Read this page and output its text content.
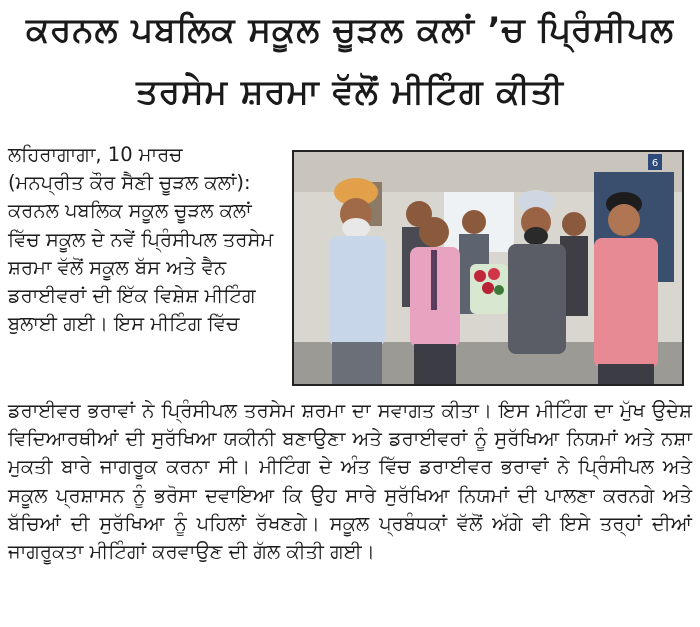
ਕਰਨਲ ਪਬਲਿਕ ਸਕੂਲ ਚੂੜਲ ਕਲਾਂ ’ਚ ਪ੍ਰਿੰਸੀਪਲ
ਤਰਸੇਮ ਸ਼ਰਮਾ ਵੱਲੋਂ ਮੀਟਿੰਗ ਕੀਤੀ
ਲਹਿਰਾਗਾਗਾ, 10 ਮਾਰਚ
(ਮਨਪ੍ਰੀਤ ਕੌਰ ਸੈਣੀ ਚੂੜਲ ਕਲਾਂ):
ਕਰਨਲ ਪਬਲਿਕ ਸਕੂਲ ਚੂੜਲ ਕਲਾਂ ਵਿੱਚ ਸਕੂਲ ਦੇ ਨਵੇਂ ਪ੍ਰਿੰਸੀਪਲ ਤਰਸੇਮ ਸ਼ਰਮਾ ਵੱਲੋਂ ਸਕੂਲ ਬੱਸ ਅਤੇ ਵੈਨ ਡਰਾਈਵਰਾਂ ਦੀ ਇੱਕ ਵਿਸ਼ੇਸ਼ ਮੀਟਿੰਗ ਬੁਲਾਈ ਗਈ। ਇਸ ਮੀਟਿੰਗ ਵਿੱਚ
6
ਡਰਾਈਵਰ ਭਰਾਵਾਂ ਨੇ ਪ੍ਰਿੰਸੀਪਲ ਤਰਸੇਮ ਸ਼ਰਮਾ ਦਾ ਸਵਾਗਤ ਕੀਤਾ। ਇਸ ਮੀਟਿੰਗ ਦਾ ਮੁੱਖ ਉਦੇਸ਼ ਵਿਦਿਆਰਥੀਆਂ ਦੀ ਸੁਰੱਖਿਆ ਯਕੀਨੀ ਬਣਾਉਣਾ ਅਤੇ ਡਰਾਈਵਰਾਂ ਨੂੰ ਸੁਰੱਖਿਆ ਨਿਯਮਾਂ ਅਤੇ ਨਸ਼ਾ ਮੁਕਤੀ ਬਾਰੇ ਜਾਗਰੂਕ ਕਰਨਾ ਸੀ। ਮੀਟਿੰਗ ਦੇ ਅੰਤ ਵਿੱਚ ਡਰਾਈਵਰ ਭਰਾਵਾਂ ਨੇ ਪ੍ਰਿੰਸੀਪਲ ਅਤੇ ਸਕੂਲ ਪ੍ਰਸ਼ਾਸਨ ਨੂੰ ਭਰੋਸਾ ਦਵਾਇਆ ਕਿ ਉਹ ਸਾਰੇ ਸੁਰੱਖਿਆ ਨਿਯਮਾਂ ਦੀ ਪਾਲਣਾ ਕਰਨਗੇ ਅਤੇ ਬੱਚਿਆਂ ਦੀ ਸੁਰੱਖਿਆ ਨੂੰ ਪਹਿਲਾਂ ਰੱਖਣਗੇ। ਸਕੂਲ ਪ੍ਰਬੰਧਕਾਂ ਵੱਲੋਂ ਅੱਗੇ ਵੀ ਇਸੇ ਤਰ੍ਹਾਂ ਦੀਆਂ ਜਾਗਰੂਕਤਾ ਮੀਟਿੰਗਾਂ ਕਰਵਾਉਣ ਦੀ ਗੱਲ ਕੀਤੀ ਗਈ।
